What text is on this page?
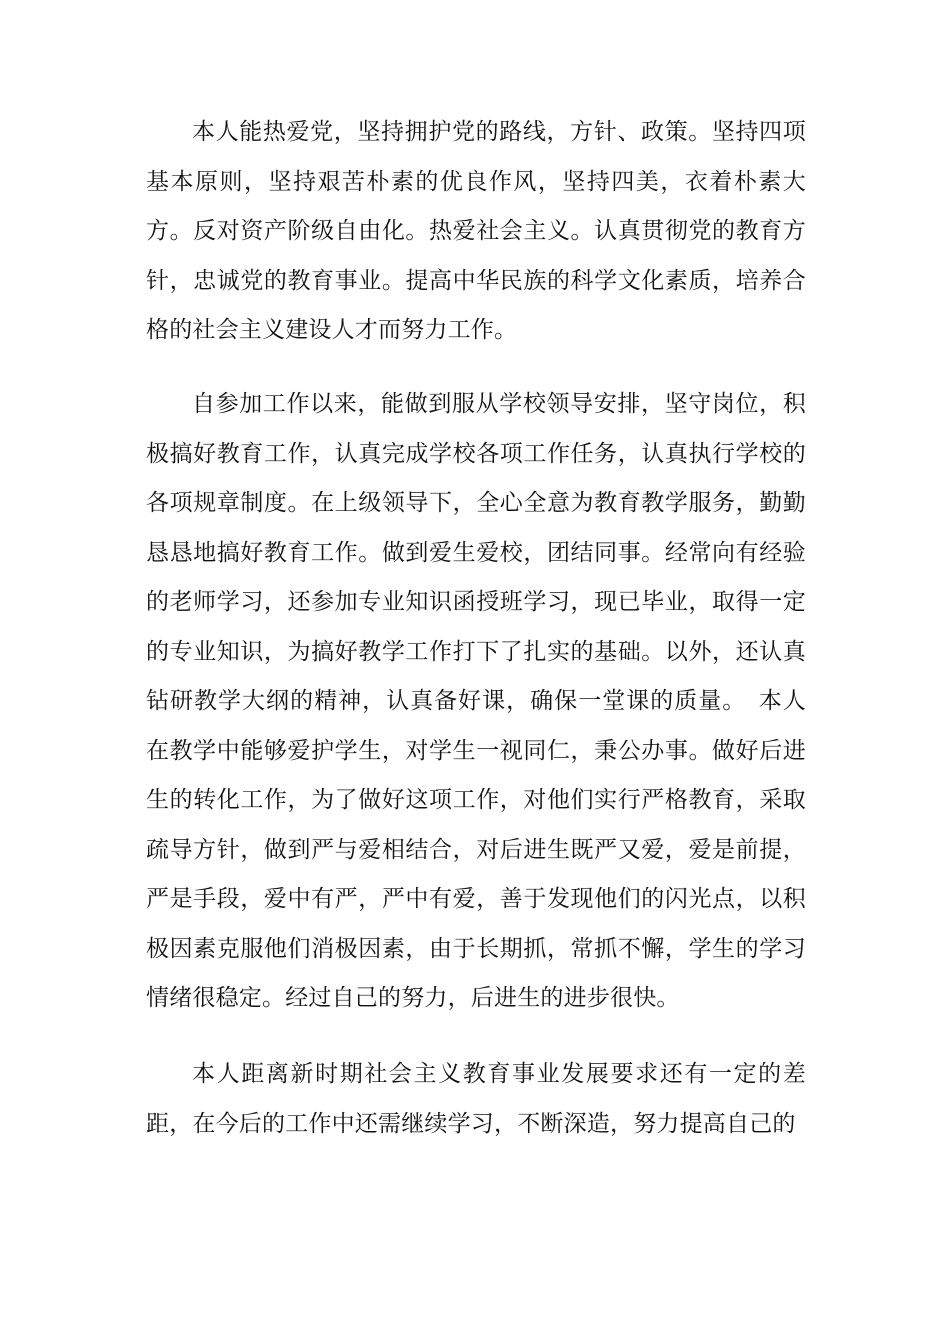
本人能热爱党，坚持拥护党的路线，方针、政策。坚持四项基本原则，坚持艰苦朴素的优良作风，坚持四美，衣着朴素大方。反对资产阶级自由化。热爱社会主义。认真贯彻党的教育方针，忠诚党的教育事业。提高中华民族的科学文化素质，培养合格的社会主义建设人才而努力工作。

自参加工作以来，能做到服从学校领导安排，坚守岗位，积极搞好教育工作，认真完成学校各项工作任务，认真执行学校的各项规章制度。在上级领导下，全心全意为教育教学服务，勤勤恳恳地搞好教育工作。做到爱生爱校，团结同事。经常向有经验的老师学习，还参加专业知识函授班学习，现已毕业，取得一定的专业知识，为搞好教学工作打下了扎实的基础。以外，还认真钻研教学大纲的精神，认真备好课，确保一堂课的质量。　本人在教学中能够爱护学生，对学生一视同仁，秉公办事。做好后进生的转化工作，为了做好这项工作，对他们实行严格教育，采取疏导方针，做到严与爱相结合，对后进生既严又爱，爱是前提，严是手段，爱中有严，严中有爱，善于发现他们的闪光点，以积极因素克服他们消极因素，由于长期抓，常抓不懈，学生的学习情绪很稳定。经过自己的努力，后进生的进步很快。

本人距离新时期社会主义教育事业发展要求还有一定的差距，在今后的工作中还需继续学习，不断深造，努力提高自己的
